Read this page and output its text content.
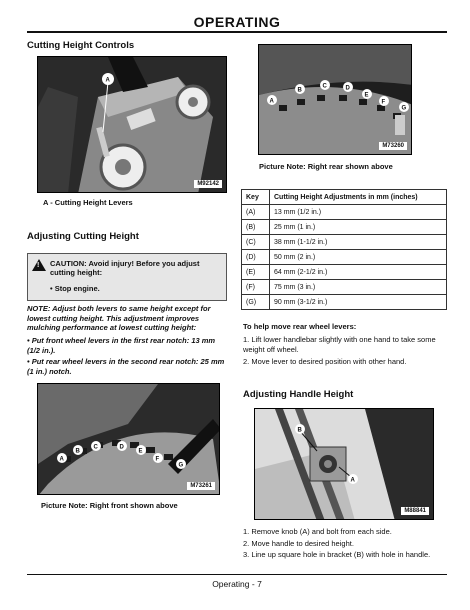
OPERATING
Cutting Height Controls
A
M92142
A - Cutting Height Levers
Adjusting Cutting Height
! CAUTION: Avoid injury! Before you adjust cutting height:
• Stop engine.
NOTE: Adjust both levers to same height except for lowest cutting height. This adjustment improves mulching performance at lowest cutting height:
• Put front wheel levers in the first rear notch: 13 mm (1/2 in.).
• Put rear wheel levers in the second rear notch: 25 mm (1 in.) notch.
A
B
C	D
E
F
G
M73261
Picture Note: Right front shown above
A
B
C	D
E
F
G
M73260
Picture Note: Right rear shown above
Key	Cutting Height Adjustments in mm (inches)
(A)	13 mm (1/2 in.)
(B)	25 mm (1 in.)
(C)	38 mm (1-1/2 in.)
(D)	50 mm (2 in.)
(E)	64 mm (2-1/2 in.)
(F)	75 mm (3 in.)
(G)	90 mm (3-1/2 in.)
To help move rear wheel levers:
1. Lift lower handlebar slightly with one hand to take some weight off wheel.
2. Move lever to desired position with other hand.
Adjusting Handle Height
B
A
M88841
1. Remove knob (A) and bolt from each side.
2. Move handle to desired height.
3. Line up square hole in bracket (B) with hole in handle.
Operating - 7
